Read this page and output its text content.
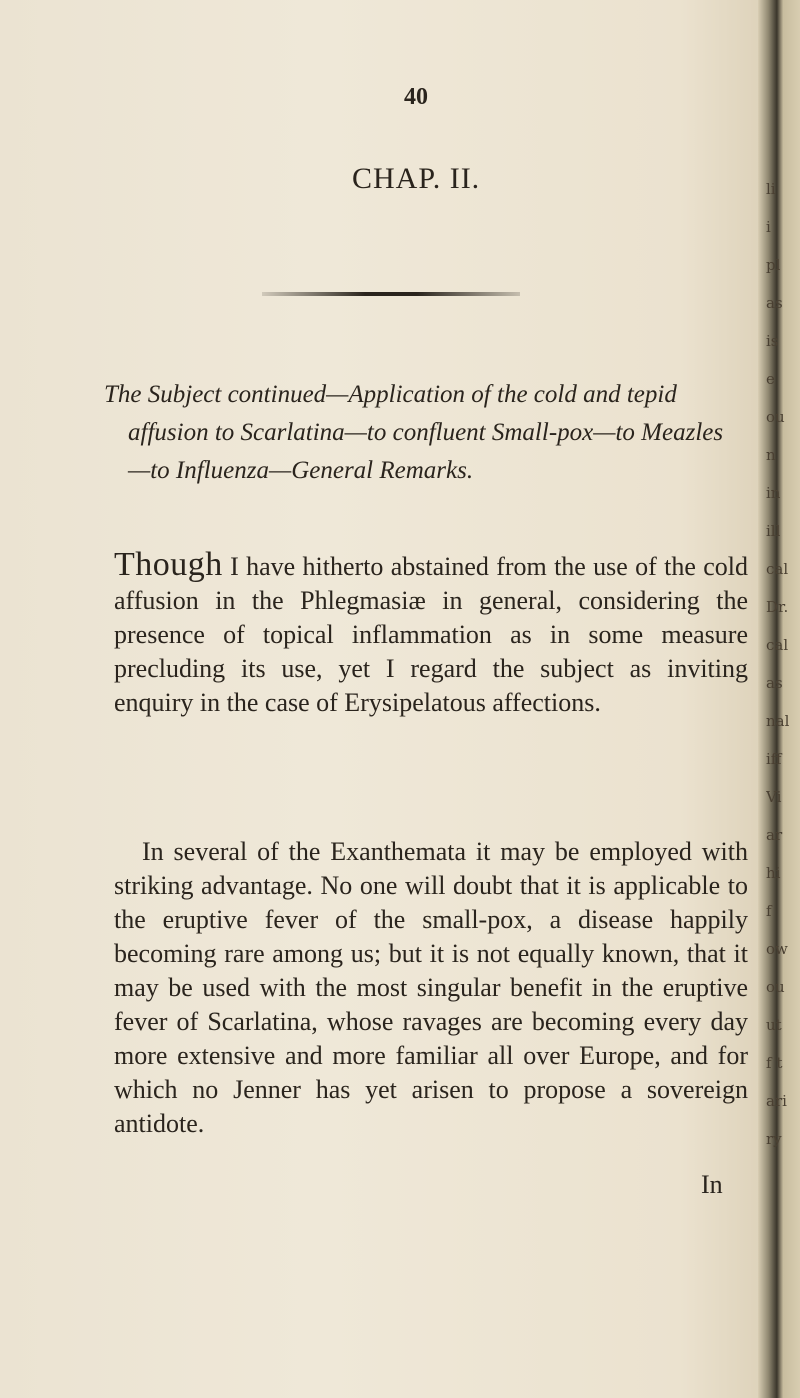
40
CHAP. II.

The Subject continued—Application of the cold and tepid affusion to Scarlatina—to confluent Small-pox—to Meazles—to Influenza—General Remarks.

Though I have hitherto abstained from the use of the cold affusion in the Phlegmasiæ in general, considering the presence of topical inflammation as in some measure precluding its use, yet I regard the subject as inviting enquiry in the case of Erysipelatous affections.

In several of the Exanthemata it may be employed with striking advantage. No one will doubt that it is applicable to the eruptive fever of the small-pox, a disease happily becoming rare among us; but it is not equally known, that it may be used with the most singular benefit in the eruptive fever of Scarlatina, whose ravages are becoming every day more extensive and more familiar all over Europe, and for which no Jenner has yet arisen to propose a sovereign antidote.

In
li
i
pl
as
is
e
ou
n
in
ill
cal
Dr.
cal
as
nal
iff
Vi
ar
hi
f
ow
ou
ut
f t
ari
ry
